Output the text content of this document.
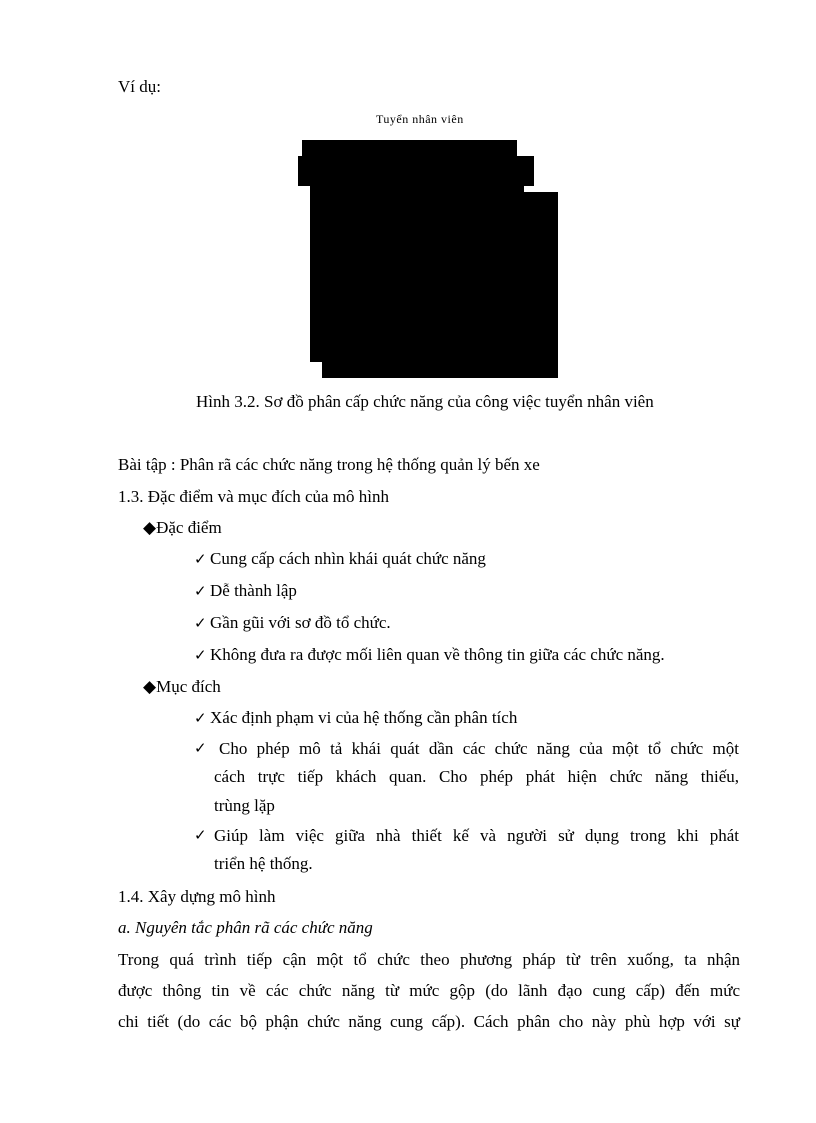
Ví dụ:
Tuyển nhân viên
Hình 3.2. Sơ đồ phân cấp chức năng của công việc tuyển nhân viên
Bài tập : Phân rã các chức năng trong hệ thống quản lý bến xe
1.3. Đặc điểm và mục đích của mô hình
◆Đặc điểm
✓ Cung cấp cách nhìn khái quát chức năng
✓ Dễ thành lập
✓ Gần gũi với sơ đồ tổ chức.
✓ Không đưa ra được mối liên quan về thông tin giữa các chức năng.
◆Mục đích
✓ Xác định phạm vi của hệ thống cần phân tích
✓ Cho phép mô tả khái quát dần các chức năng của một tổ chức một
cách trực tiếp khách quan. Cho phép phát hiện chức năng thiếu,
trùng lặp
✓ Giúp làm việc giữa nhà thiết kế và người sử dụng trong khi phát
triển hệ thống.
1.4. Xây dựng mô hình
a. Nguyên tắc phân rã các chức năng
Trong quá trình tiếp cận một tổ chức theo phương pháp từ trên xuống, ta nhận
được thông tin về các chức năng từ mức gộp (do lãnh đạo cung cấp) đến mức
chi tiết (do các bộ phận chức năng cung cấp). Cách phân cho này phù hợp với sự
